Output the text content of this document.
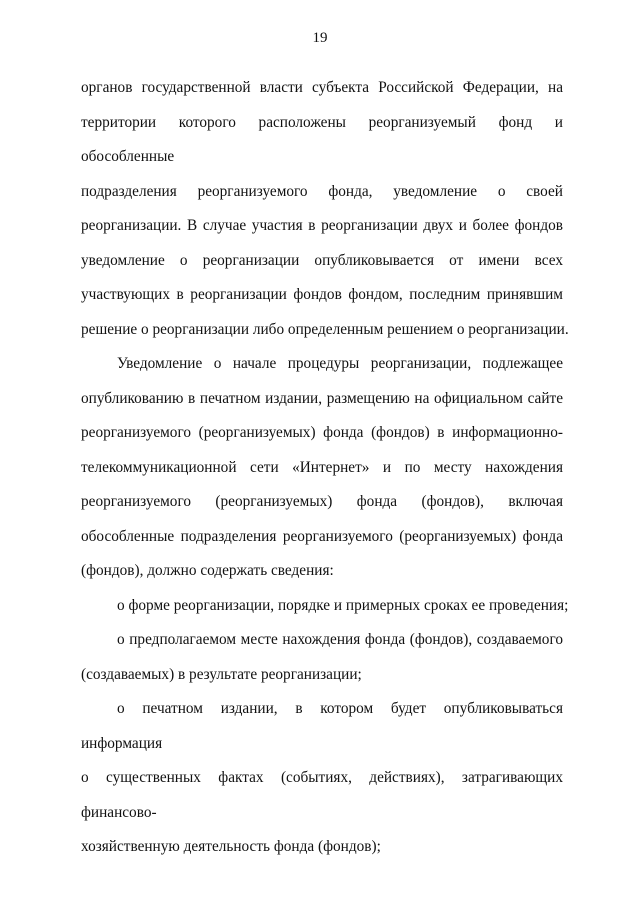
19

органов государственной власти субъекта Российской Федерации, на
территории которого расположены реорганизуемый фонд и обособленные
подразделения реорганизуемого фонда, уведомление о своей
реорганизации. В случае участия в реорганизации двух и более фондов
уведомление о реорганизации опубликовывается от имени всех
участвующих в реорганизации фондов фондом, последним принявшим
решение о реорганизации либо определенным решением о реорганизации.

Уведомление о начале процедуры реорганизации, подлежащее
опубликованию в печатном издании, размещению на официальном сайте
реорганизуемого (реорганизуемых) фонда (фондов) в информационно-
телекоммуникационной сети «Интернет» и по месту нахождения
реорганизуемого (реорганизуемых) фонда (фондов), включая
обособленные подразделения реорганизуемого (реорганизуемых) фонда
(фондов), должно содержать сведения:

о форме реорганизации, порядке и примерных сроках ее проведения;

о предполагаемом месте нахождения фонда (фондов), создаваемого
(создаваемых) в результате реорганизации;

о печатном издании, в котором будет опубликовываться информация
о существенных фактах (событиях, действиях), затрагивающих финансово-
хозяйственную деятельность фонда (фондов);
